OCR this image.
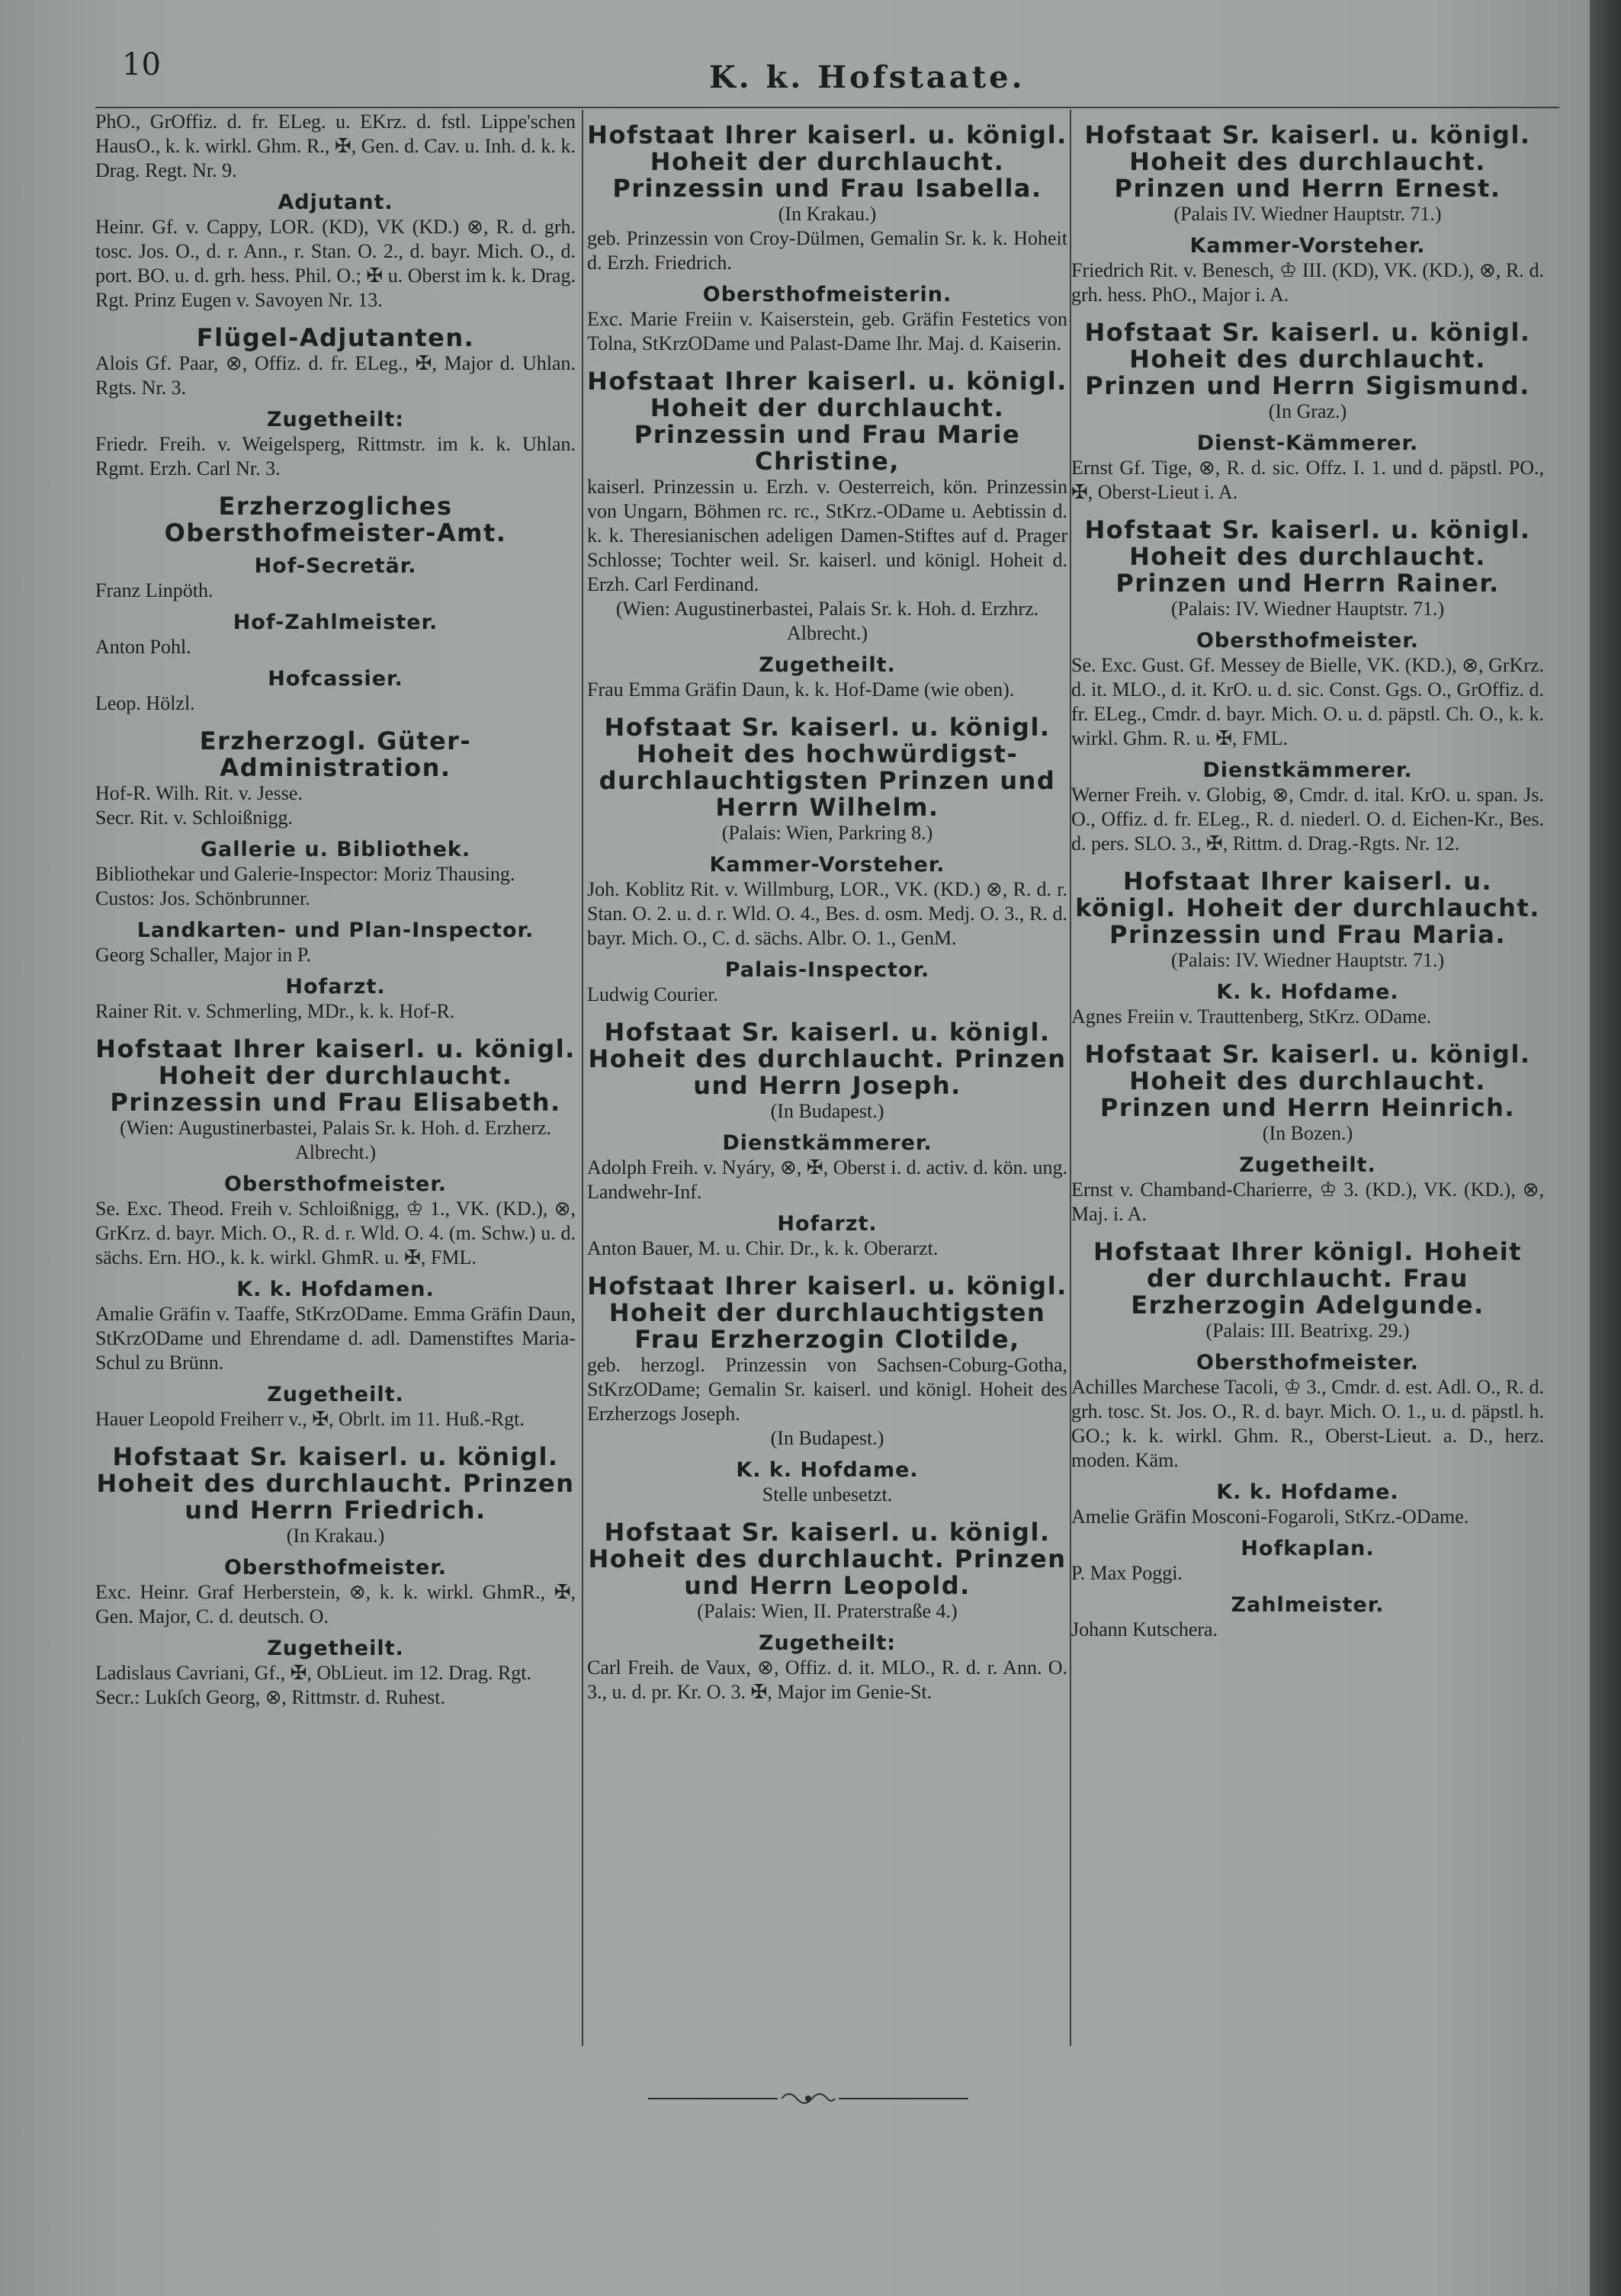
10	K. k. Hofstaate.
PhO., GrOffiz. d. fr. ELeg. u. EKrz. d. fstl. Lippe'schen HausO., k. k. wirkl. Ghm. R., ✠, Gen. d. Cav. u. Inh. d. k. k. Drag. Regt. Nr. 9.
Adjutant.
Heinr. Gf. v. Cappy, LOR. (KD), VK (KD.) ⊗, R. d. grh. tosc. Jos. O., d. r. Ann., r. Stan. O. 2., d. bayr. Mich. O., d. port. BO. u. d. grh. hess. Phil. O.; ✠ u. Oberst im k. k. Drag. Rgt. Prinz Eugen v. Savoyen Nr. 13.
Flügel-Adjutanten.
Alois Gf. Paar, ⊗, Offiz. d. fr. ELeg., ✠, Major d. Uhlan. Rgts. Nr. 3.
Zugetheilt:
Friedr. Freih. v. Weigelsperg, Rittmstr. im k. k. Uhlan. Rgmt. Erzh. Carl Nr. 3.
Erzherzogliches Obersthofmeister-Amt.
Hof-Secretär.
Franz Linpöth.
Hof-Zahlmeister.
Anton Pohl.
Hofcassier.
Leop. Hölzl.
Erzherzogl. Güter-Administration.
Hof-R. Wilh. Rit. v. Jesse.
Secr. Rit. v. Schloißnigg.
Gallerie u. Bibliothek.
Bibliothekar und Galerie-Inspector: Moriz Thausing.
Custos: Jos. Schönbrunner.
Landkarten- und Plan-Inspector.
Georg Schaller, Major in P.
Hofarzt.
Rainer Rit. v. Schmerling, MDr., k. k. Hof-R.
Hofstaat Ihrer kaiserl. u. königl. Hoheit der durchlaucht. Prinzessin und Frau Elisabeth.
(Wien: Augustinerbastei, Palais Sr. k. Hoh. d. Erzherz. Albrecht.)
Obersthofmeister.
Se. Exc. Theod. Freih v. Schloißnigg, ♔ 1., VK. (KD.), ⊗, GrKrz. d. bayr. Mich. O., R. d. r. Wld. O. 4. (m. Schw.) u. d. sächs. Ern. HO., k. k. wirkl. GhmR. u. ✠, FML.
K. k. Hofdamen.
Amalie Gräfin v. Taaffe, StKrzODame. Emma Gräfin Daun, StKrzODame und Ehrendame d. adl. Damenstiftes Maria-Schul zu Brünn.
Zugetheilt.
Hauer Leopold Freiherr v., ✠, Obrlt. im 11. Huß.-Rgt.
Hofstaat Sr. kaiserl. u. königl. Hoheit des durchlaucht. Prinzen und Herrn Friedrich.
(In Krakau.)
Obersthofmeister.
Exc. Heinr. Graf Herberstein, ⊗, k. k. wirkl. GhmR., ✠, Gen. Major, C. d. deutsch. O.
Zugetheilt.
Ladislaus Cavriani, Gf., ✠, ObLieut. im 12. Drag. Rgt.
Secr.: Lukſch Georg, ⊗, Rittmstr. d. Ruhest.
Hofstaat Ihrer kaiserl. u. königl. Hoheit der durchlaucht. Prinzessin und Frau Isabella.
(In Krakau.)
geb. Prinzessin von Croy-Dülmen, Gemalin Sr. k. k. Hoheit d. Erzh. Friedrich.
Obersthofmeisterin.
Exc. Marie Freiin v. Kaiserstein, geb. Gräfin Festetics von Tolna, StKrzODame und Palast-Dame Ihr. Maj. d. Kaiserin.
Hofstaat Ihrer kaiserl. u. königl. Hoheit der durchlaucht. Prinzessin und Frau Marie Christine,
kaiserl. Prinzessin u. Erzh. v. Oesterreich, kön. Prinzessin von Ungarn, Böhmen rc. rc., StKrz.-ODame u. Aebtissin d. k. k. Theresianischen adeligen Damen-Stiftes auf d. Prager Schlosse; Tochter weil. Sr. kaiserl. und königl. Hoheit d. Erzh. Carl Ferdinand.
(Wien: Augustinerbastei, Palais Sr. k. Hoh. d. Erzhrz. Albrecht.)
Zugetheilt.
Frau Emma Gräfin Daun, k. k. Hof-Dame (wie oben).
Hofstaat Sr. kaiserl. u. königl. Hoheit des hochwürdigst-durchlauchtigsten Prinzen und Herrn Wilhelm.
(Palais: Wien, Parkring 8.)
Kammer-Vorsteher.
Joh. Koblitz Rit. v. Willmburg, LOR., VK. (KD.) ⊗, R. d. r. Stan. O. 2. u. d. r. Wld. O. 4., Bes. d. osm. Medj. O. 3., R. d. bayr. Mich. O., C. d. sächs. Albr. O. 1., GenM.
Palais-Inspector.
Ludwig Courier.
Hofstaat Sr. kaiserl. u. königl. Hoheit des durchlaucht. Prinzen und Herrn Joseph.
(In Budapest.)
Dienstkämmerer.
Adolph Freih. v. Nyáry, ⊗, ✠, Oberst i. d. activ. d. kön. ung. Landwehr-Inf.
Hofarzt.
Anton Bauer, M. u. Chir. Dr., k. k. Oberarzt.
Hofstaat Ihrer kaiserl. u. königl. Hoheit der durchlauchtigsten Frau Erzherzogin Clotilde,
geb. herzogl. Prinzessin von Sachsen-Coburg-Gotha, StKrzODame; Gemalin Sr. kaiserl. und königl. Hoheit des Erzherzogs Joseph.
(In Budapest.)
K. k. Hofdame.
Stelle unbesetzt.
Hofstaat Sr. kaiserl. u. königl. Hoheit des durchlaucht. Prinzen und Herrn Leopold.
(Palais: Wien, II. Praterstraße 4.)
Zugetheilt:
Carl Freih. de Vaux, ⊗, Offiz. d. it. MLO., R. d. r. Ann. O. 3., u. d. pr. Kr. O. 3. ✠, Major im Genie-St.
Hofstaat Sr. kaiserl. u. königl. Hoheit des durchlaucht. Prinzen und Herrn Ernest.
(Palais IV. Wiedner Hauptstr. 71.)
Kammer-Vorsteher.
Friedrich Rit. v. Benesch, ♔ III. (KD), VK. (KD.), ⊗, R. d. grh. hess. PhO., Major i. A.
Hofstaat Sr. kaiserl. u. königl. Hoheit des durchlaucht. Prinzen und Herrn Sigismund.
(In Graz.)
Dienst-Kämmerer.
Ernst Gf. Tige, ⊗, R. d. sic. Offz. I. 1. und d. päpstl. PO., ✠, Oberst-Lieut i. A.
Hofstaat Sr. kaiserl. u. königl. Hoheit des durchlaucht. Prinzen und Herrn Rainer.
(Palais: IV. Wiedner Hauptstr. 71.)
Obersthofmeister.
Se. Exc. Gust. Gf. Messey de Bielle, VK. (KD.), ⊗, GrKrz. d. it. MLO., d. it. KrO. u. d. sic. Const. Ggs. O., GrOffiz. d. fr. ELeg., Cmdr. d. bayr. Mich. O. u. d. päpstl. Ch. O., k. k. wirkl. Ghm. R. u. ✠, FML.
Dienstkämmerer.
Werner Freih. v. Globig, ⊗, Cmdr. d. ital. KrO. u. span. Js. O., Offiz. d. fr. ELeg., R. d. niederl. O. d. Eichen-Kr., Bes. d. pers. SLO. 3., ✠, Rittm. d. Drag.-Rgts. Nr. 12.
Hofstaat Ihrer kaiserl. u. königl. Hoheit der durchlaucht. Prinzessin und Frau Maria.
(Palais: IV. Wiedner Hauptstr. 71.)
K. k. Hofdame.
Agnes Freiin v. Trauttenberg, StKrz. ODame.
Hofstaat Sr. kaiserl. u. königl. Hoheit des durchlaucht. Prinzen und Herrn Heinrich.
(In Bozen.)
Zugetheilt.
Ernst v. Chamband-Charierre, ♔ 3. (KD.), VK. (KD.), ⊗, Maj. i. A.
Hofstaat Ihrer königl. Hoheit der durchlaucht. Frau Erzherzogin Adelgunde.
(Palais: III. Beatrixg. 29.)
Obersthofmeister.
Achilles Marchese Tacoli, ♔ 3., Cmdr. d. est. Adl. O., R. d. grh. tosc. St. Jos. O., R. d. bayr. Mich. O. 1., u. d. päpstl. h. GO.; k. k. wirkl. Ghm. R., Oberst-Lieut. a. D., herz. moden. Käm.
K. k. Hofdame.
Amelie Gräfin Mosconi-Fogaroli, StKrz.-ODame.
Hofkaplan.
P. Max Poggi.
Zahlmeister.
Johann Kutschera.
